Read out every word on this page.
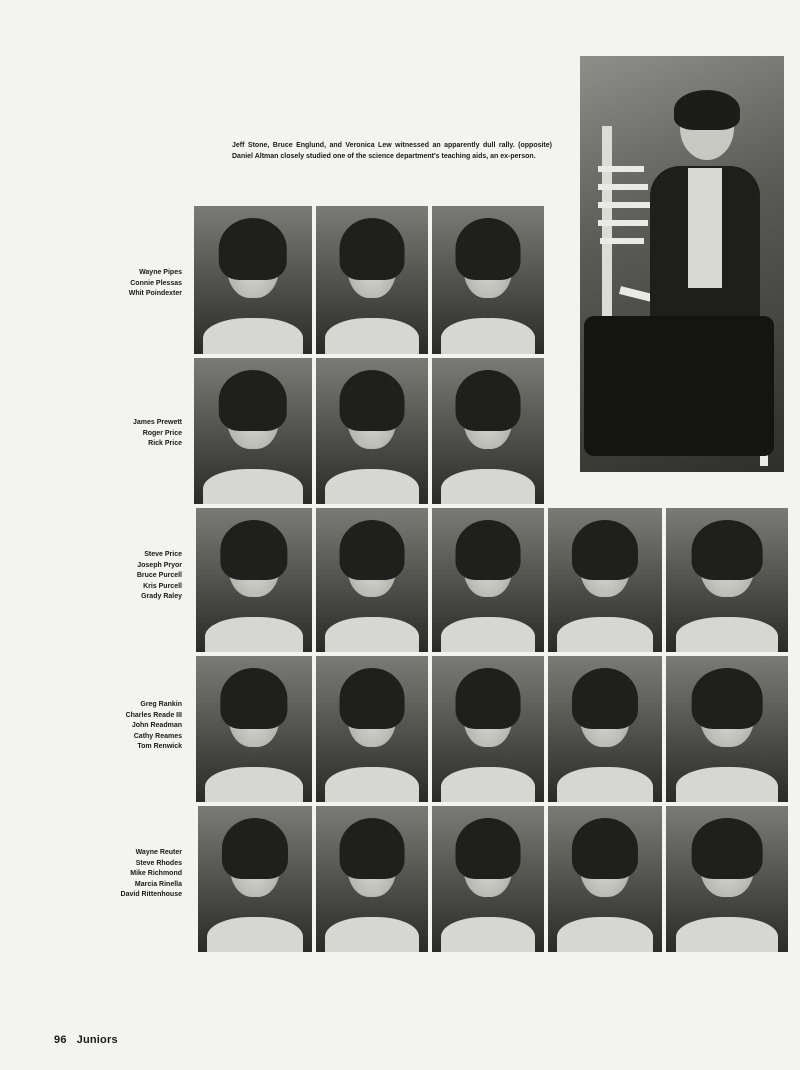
Jeff Stone, Bruce Englund, and Veronica Lew witnessed an apparently dull rally. (opposite) Daniel Altman closely studied one of the science department's teaching aids, an ex-person.
Wayne Pipes
Connie Plessas
Whit Poindexter
James Prewett
Roger Price
Rick Price
Steve Price
Joseph Pryor
Bruce Purcell
Kris Purcell
Grady Raley
Greg Rankin
Charles Reade III
John Readman
Cathy Reames
Tom Renwick
Wayne Reuter
Steve Rhodes
Mike Richmond
Marcia Rinella
David Rittenhouse
96 Juniors
